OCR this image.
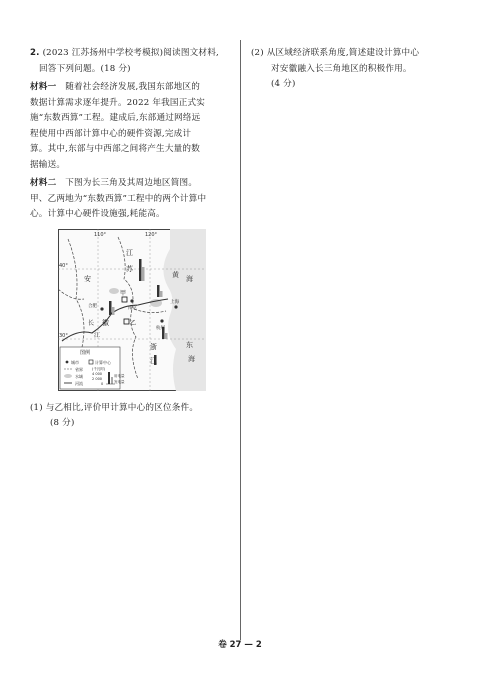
2. (2023 江苏扬州中学校考模拟)阅读图文材料,
回答下列问题。(18 分)

材料一 随着社会经济发展,我国东部地区的
数据计算需求逐年提升。2022 年我国正式实
施“东数西算”工程。建成后,东部通过网络远
程使用中西部计算中心的硬件资源,完成计
算。其中,东部与中西部之间将产生大量的数
据输送。

材料二 下图为长三角及其周边地区简图。
甲、乙两地为“东数西算”工程中的两个计算中
心。计算中心硬件设施强,耗能高。

110°	120°
40°
30°
江
苏
安
徽
浙
江
黄 海
东
海
合肥	南京
上海
杭州
甲
乙
长
江
图例
城市	计算中心
省界
水域
河流
(千瓦时)
4 000
2 000
0
用电量
发电量

(1) 与乙相比,评价甲计算中心的区位条件。
(8 分)

(2) 从区域经济联系角度,简述建设计算中心
对安徽融入长三角地区的积极作用。
(4 分)

卷 27 — 2
